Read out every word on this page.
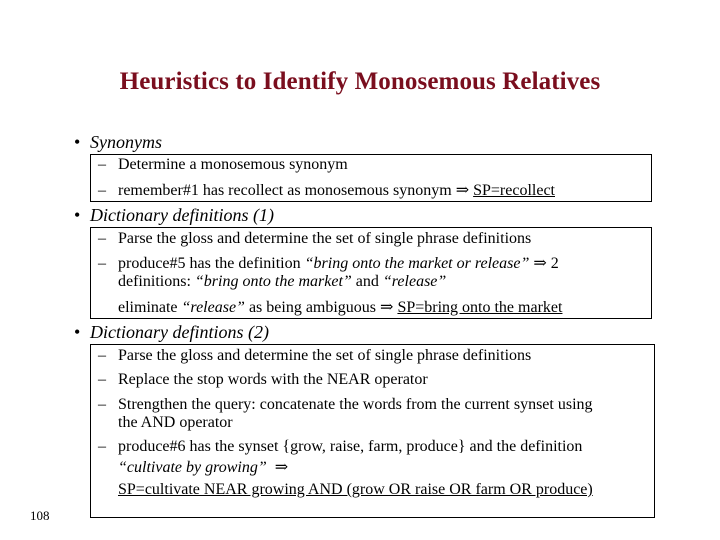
Heuristics to Identify Monosemous Relatives
• Synonyms
– Determine a monosemous synonym
– remember#1 has recollect as monosemous synonym ⇒ SP=recollect
• Dictionary definitions (1)
– Parse the gloss and determine the set of single phrase definitions
– produce#5 has the definition “bring onto the market or release” ⇒ 2
definitions: “bring onto the market” and “release”
eliminate “release” as being ambiguous ⇒ SP=bring onto the market
• Dictionary defintions (2)
– Parse the gloss and determine the set of single phrase definitions
– Replace the stop words with the NEAR operator
– Strengthen the query: concatenate the words from the current synset using
the AND operator
– produce#6 has the synset {grow, raise, farm, produce} and the definition
“cultivate by growing” ⇒
SP=cultivate NEAR growing AND (grow OR raise OR farm OR produce)
108
